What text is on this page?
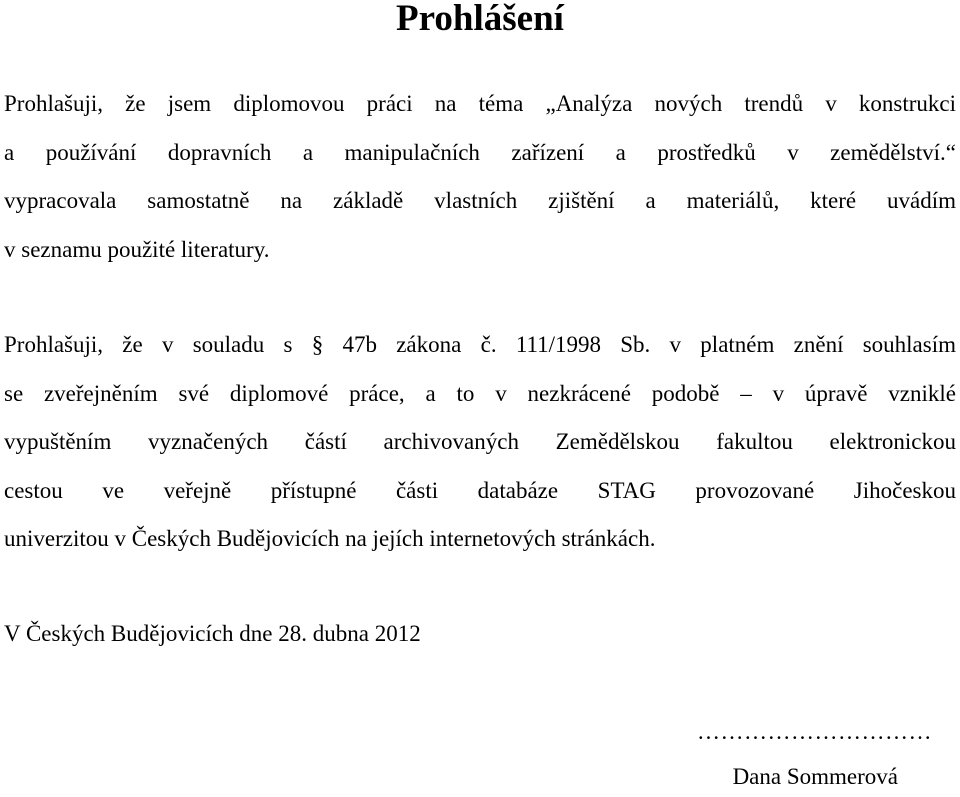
Prohlášení

Prohlašuji, že jsem diplomovou práci na téma „Analýza nových trendů v konstrukci
a používání dopravních a manipulačních zařízení a prostředků v zemědělství.“
vypracovala samostatně na základě vlastních zjištění a materiálů, které uvádím
v seznamu použité literatury.

Prohlašuji, že v souladu s § 47b zákona č. 111/1998 Sb. v platném znění souhlasím
se zveřejněním své diplomové práce, a to v nezkrácené podobě – v úpravě vzniklé
vypuštěním vyznačených částí archivovaných Zemědělskou fakultou elektronickou
cestou ve veřejně přístupné části databáze STAG provozované Jihočeskou
univerzitou v Českých Budějovicích na jejích internetových stránkách.

V Českých Budějovicích dne 28. dubna 2012

…………………………

Dana Sommerová
